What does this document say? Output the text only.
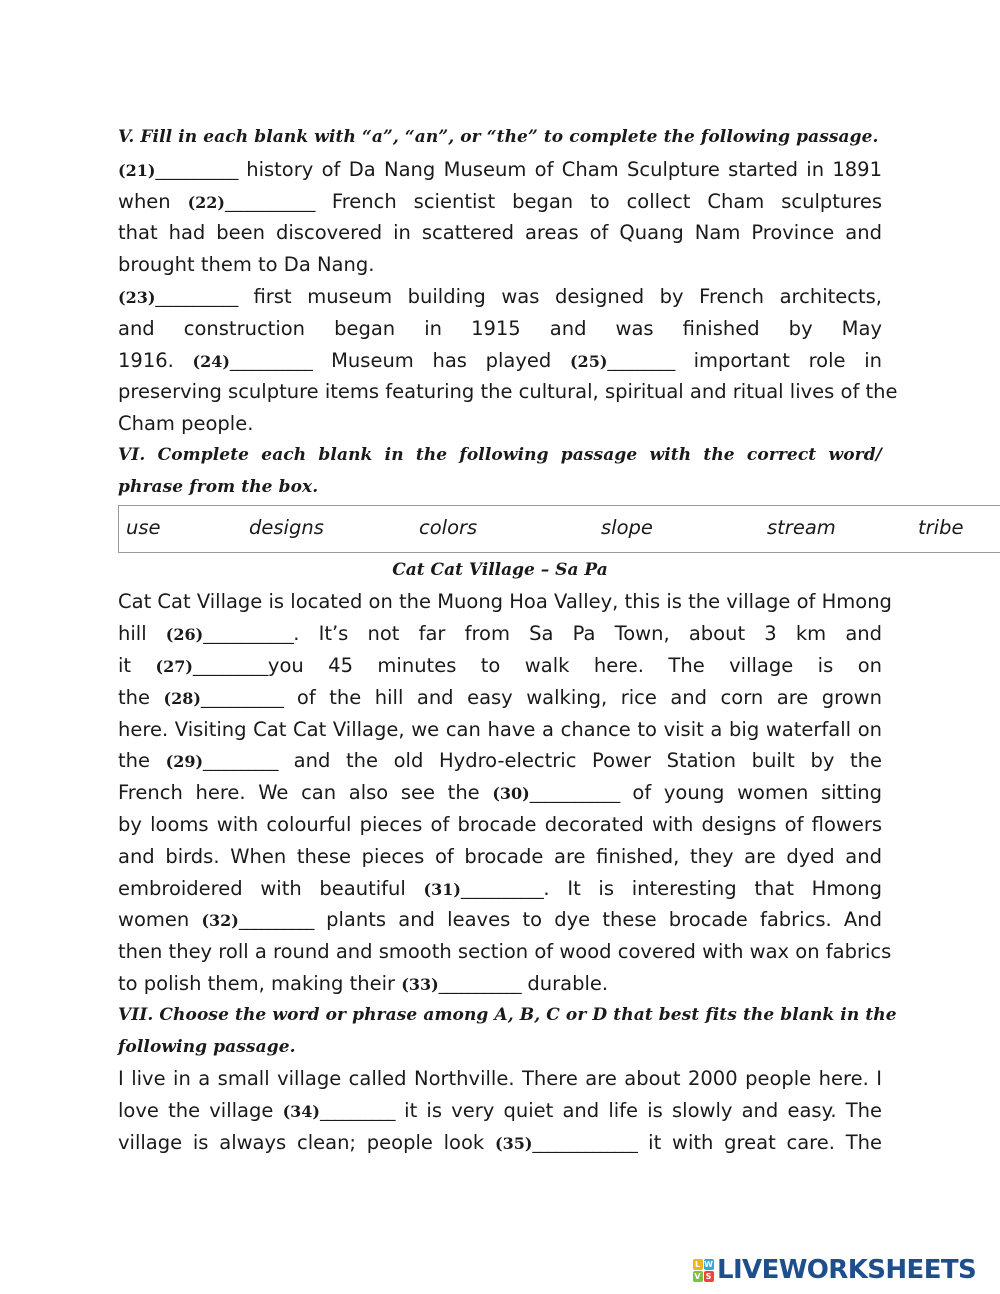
V. Fill in each blank with “a”, “an”, or “the” to complete the following passage.
(21)___________ history of Da Nang Museum of Cham Sculpture started in 1891
when (22)____________ French scientist began to collect Cham sculptures
that had been discovered in scattered areas of Quang Nam Province and
brought them to Da Nang.
(23)___________ first museum building was designed by French architects,
and construction began in 1915 and was finished by May
1916. (24)___________ Museum has played (25)_________ important role in
preserving sculpture items featuring the cultural, spiritual and ritual lives of the
Cham people.
VI. Complete each blank in the following passage with the correct word/
phrase from the box.
use	designs	colors	slope	stream	tribe
Cat Cat Village – Sa Pa
Cat Cat Village is located on the Muong Hoa Valley, this is the village of Hmong
hill (26)____________. It’s not far from Sa Pa Town, about 3 km and
it (27)__________you 45 minutes to walk here. The village is on
the (28)___________ of the hill and easy walking, rice and corn are grown
here. Visiting Cat Cat Village, we can have a chance to visit a big waterfall on
the (29)__________ and the old Hydro-electric Power Station built by the
French here. We can also see the (30)____________ of young women sitting
by looms with colourful pieces of brocade decorated with designs of flowers
and birds. When these pieces of brocade are finished, they are dyed and
embroidered with beautiful (31)___________. It is interesting that Hmong
women (32)__________ plants and leaves to dye these brocade fabrics. And
then they roll a round and smooth section of wood covered with wax on fabrics
to polish them, making their (33)___________ durable.
VII. Choose the word or phrase among A, B, C or D that best fits the blank in the
following passage.
I live in a small village called Northville. There are about 2000 people here. I
love the village (34)__________ it is very quiet and life is slowly and easy. The
village is always clean; people look (35)______________ it with great care. The
L W
V S LIVEWORKSHEETS
